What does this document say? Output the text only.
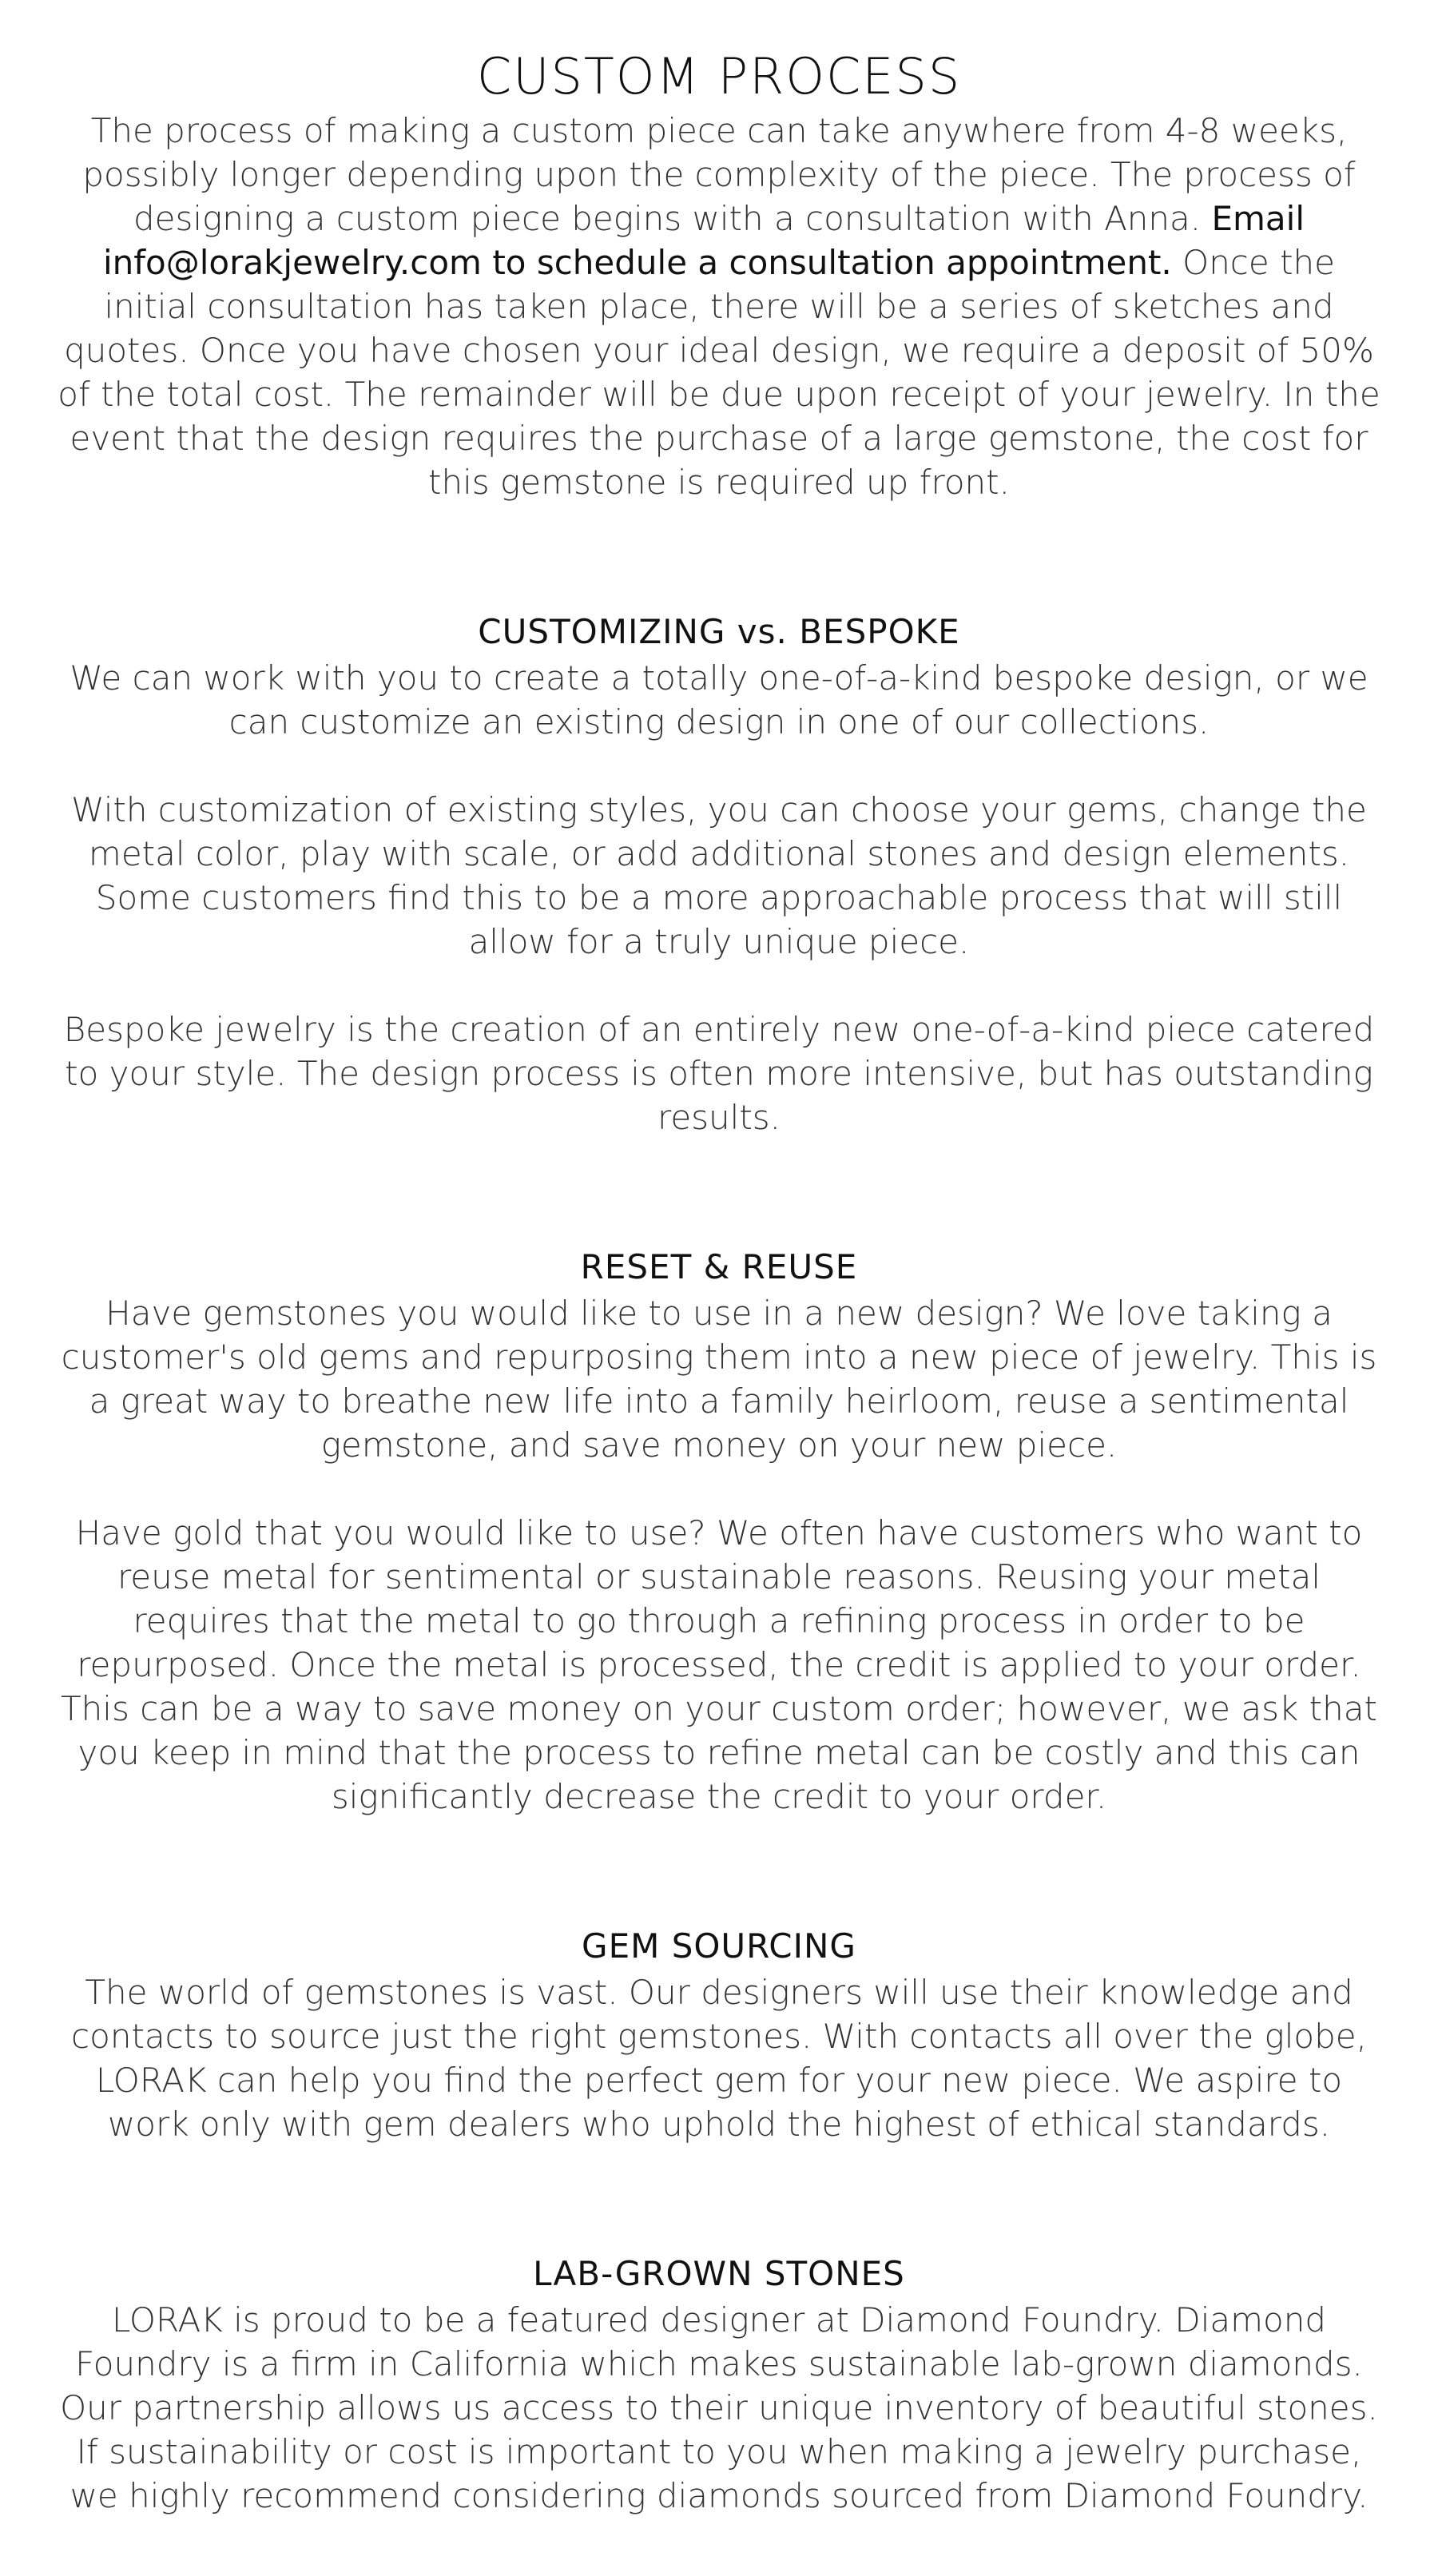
CUSTOM PROCESS

The process of making a custom piece can take anywhere from 4-8 weeks, possibly longer depending upon the complexity of the piece. The process of designing a custom piece begins with a consultation with Anna. Email info@lorakjewelry.com to schedule a consultation appointment. Once the initial consultation has taken place, there will be a series of sketches and quotes. Once you have chosen your ideal design, we require a deposit of 50% of the total cost. The remainder will be due upon receipt of your jewelry. In the event that the design requires the purchase of a large gemstone, the cost for this gemstone is required up front.

CUSTOMIZING vs. BESPOKE

We can work with you to create a totally one-of-a-kind bespoke design, or we can customize an existing design in one of our collections.

With customization of existing styles, you can choose your gems, change the metal color, play with scale, or add additional stones and design elements. Some customers find this to be a more approachable process that will still allow for a truly unique piece.

Bespoke jewelry is the creation of an entirely new one-of-a-kind piece catered to your style. The design process is often more intensive, but has outstanding results.

RESET & REUSE

Have gemstones you would like to use in a new design? We love taking a customer's old gems and repurposing them into a new piece of jewelry. This is a great way to breathe new life into a family heirloom, reuse a sentimental gemstone, and save money on your new piece.

Have gold that you would like to use? We often have customers who want to reuse metal for sentimental or sustainable reasons. Reusing your metal requires that the metal to go through a refining process in order to be repurposed. Once the metal is processed, the credit is applied to your order. This can be a way to save money on your custom order; however, we ask that you keep in mind that the process to refine metal can be costly and this can significantly decrease the credit to your order.

GEM SOURCING

The world of gemstones is vast. Our designers will use their knowledge and contacts to source just the right gemstones. With contacts all over the globe, LORAK can help you find the perfect gem for your new piece. We aspire to work only with gem dealers who uphold the highest of ethical standards.

LAB-GROWN STONES

LORAK is proud to be a featured designer at Diamond Foundry. Diamond Foundry is a firm in California which makes sustainable lab-grown diamonds. Our partnership allows us access to their unique inventory of beautiful stones. If sustainability or cost is important to you when making a jewelry purchase, we highly recommend considering diamonds sourced from Diamond Foundry.
